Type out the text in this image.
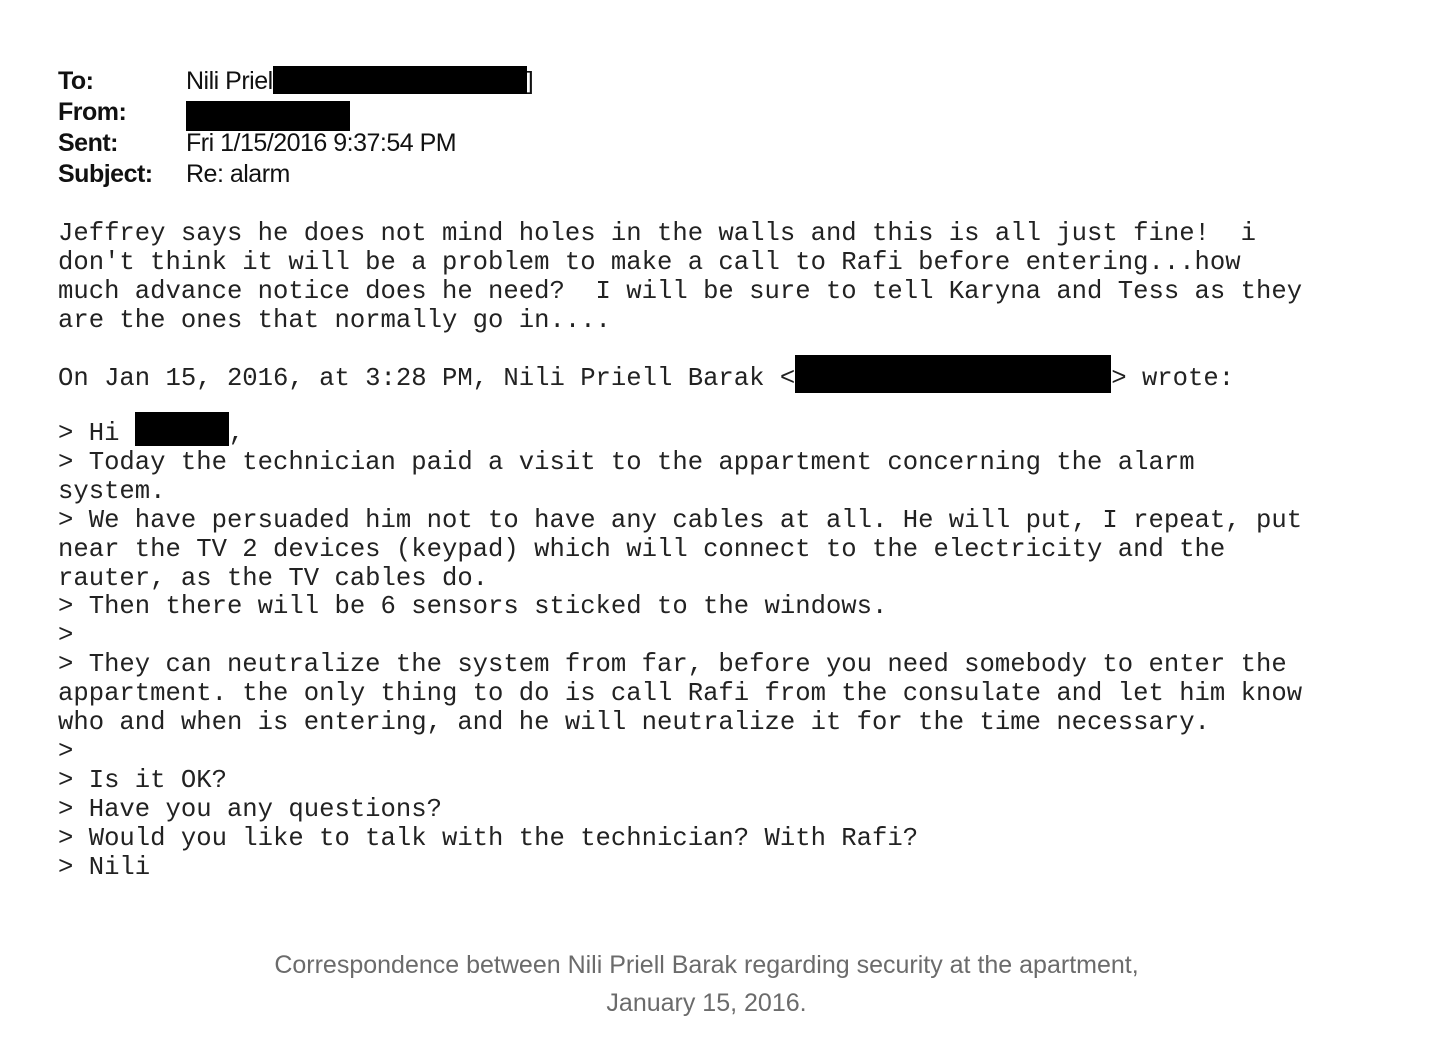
To:	Nili Priel	]
From:
Sent:	Fri 1/15/2016 9:37:54 PM
Subject: Re: alarm
Jeffrey says he does not mind holes in the walls and this is all just fine!  i
don't think it will be a problem to make a call to Rafi before entering...how
much advance notice does he need?  I will be sure to tell Karyna and Tess as they
are the ones that normally go in....
On Jan 15, 2016, at 3:28 PM, Nili Priell Barak <	> wrote:
> Hi	,
> Today the technician paid a visit to the appartment concerning the alarm
system.
> We have persuaded him not to have any cables at all. He will put, I repeat, put
near the TV 2 devices (keypad) which will connect to the electricity and the
rauter, as the TV cables do.
> Then there will be 6 sensors sticked to the windows.
>
> They can neutralize the system from far, before you need somebody to enter the
appartment. the only thing to do is call Rafi from the consulate and let him know
who and when is entering, and he will neutralize it for the time necessary.
>
> Is it OK?
> Have you any questions?
> Would you like to talk with the technician? With Rafi?
> Nili
Correspondence between Nili Priell Barak regarding security at the apartment,
January 15, 2016.
